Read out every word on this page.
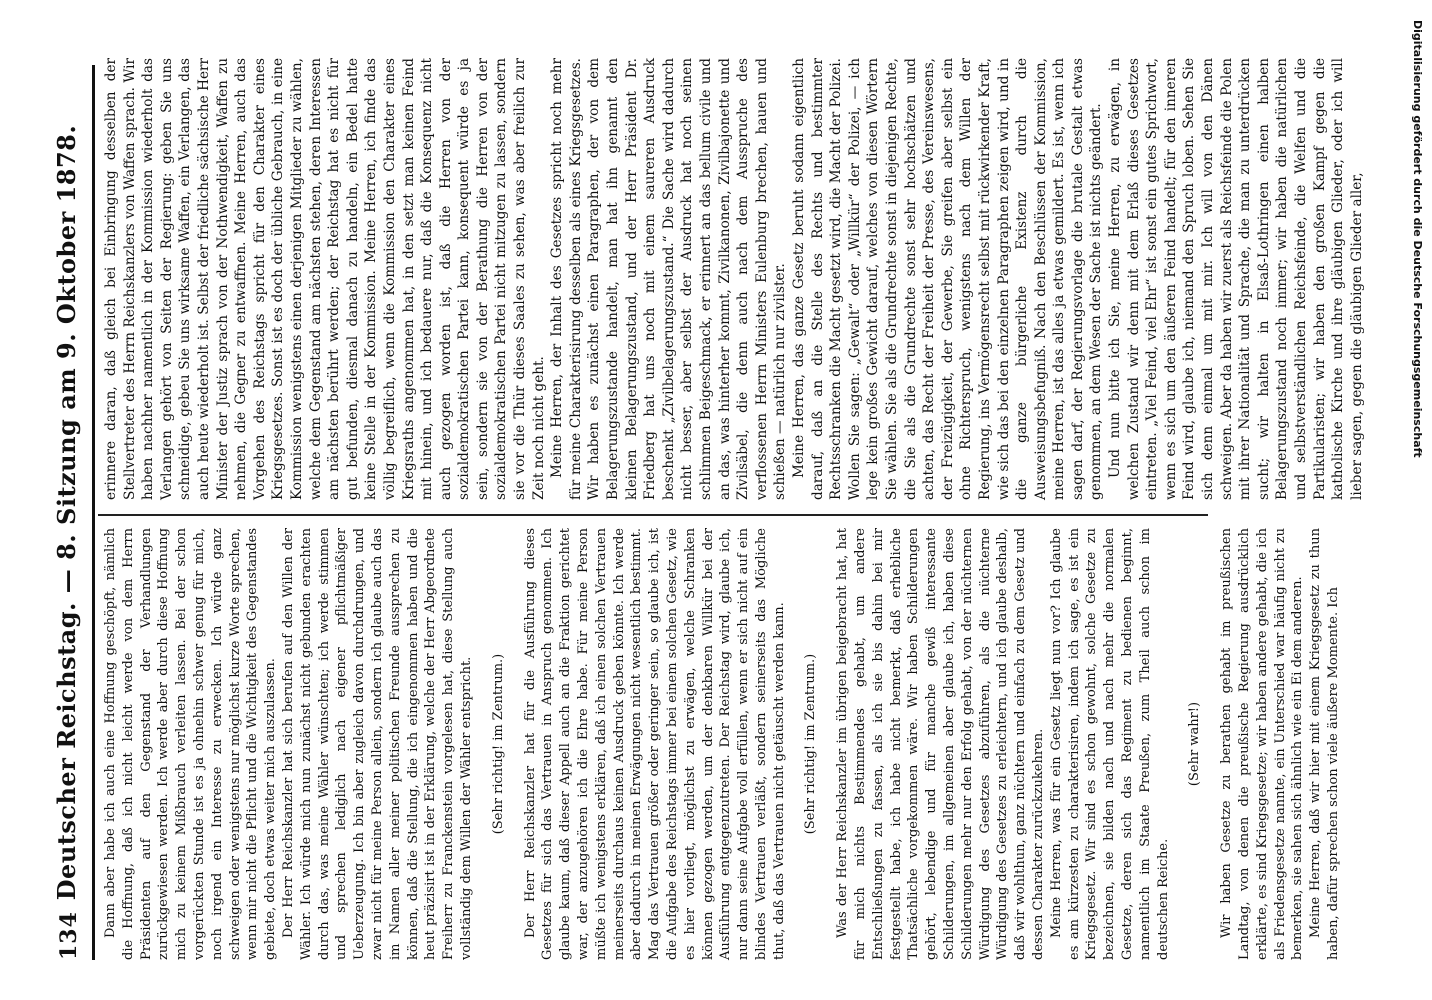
134
Deutscher Reichstag. — 8. Sitzung am 9. Oktober 1878. Dann aber habe ich auch eine Hoffnung geschöpft, nämlich die Hoffnung, daß ich nicht leicht werde von dem Herrn Präsidenten auf den Gegenstand der Verhandlungen zurückgewiesen werden. Ich werde aber durch diese Hoffnung mich zu keinem Mißbrauch verleiten lassen. Bei der schon vorgerückten Stunde ist es ja ohnehin schwer genug für mich, noch irgend ein Interesse zu erwecken. Ich würde ganz schweigen oder wenigstens nur möglichst kurze Worte sprechen, wenn mir nicht die Pflicht und die Wichtigkeit des Gegenstandes gebiete, doch etwas weiter mich auszulassen. Der Herr Reichskanzler hat sich berufen auf den Willen der Wähler. Ich würde mich nun zunächst nicht gebunden erachten durch das, was meine Wähler wünschten; ich werde stimmen und sprechen lediglich nach eigener pflichtmäßiger Ueberzeugung. Ich bin aber zugleich davon durchdrungen, und zwar nicht für meine Person allein, sondern ich glaube auch das im Namen aller meiner politischen Freunde aussprechen zu können, daß die Stellung, die ich eingenommen haben und die heut präzisirt ist in der Erklärung, welche der Herr Abgeordnete Freiherr zu Franckenstein vorgelesen hat, diese Stellung auch vollständig dem Willen der Wähler entspricht. (Sehr richtig! im Zentrum.) Der Herr Reichskanzler hat für die Ausführung dieses Gesetzes für sich das Vertrauen in Anspruch genommen. Ich glaube kaum, daß dieser Appell auch an die Fraktion gerichtet war, der anzugehören ich die Ehre habe. Für meine Person müßte ich wenigstens erklären, daß ich einen solchen Vertrauen meinerseits durchaus keinen Ausdruck geben könnte. Ich werde aber dadurch in meinen Erwägungen nicht wesentlich bestimmt. Mag das Vertrauen größer oder geringer sein, so glaube ich, ist die Aufgabe des Reichstags immer bei einem solchen Gesetz, wie es hier vorliegt, möglichst zu erwägen, welche Schranken können gezogen werden, um der denkbaren Willkür bei der Ausführung entgegenzutreten. Der Reichstag wird, glaube ich, nur dann seine Aufgabe voll erfüllen, wenn er sich nicht auf ein blindes Vertrauen verläßt, sondern seinerseits das Mögliche thut, daß das Vertrauen nicht getäuscht werden kann. (Sehr richtig! im Zentrum.) Was der Herr Reichskanzler im übrigen beigebracht hat, hat für mich nichts Bestimmendes gehabt, um andere Entschließungen zu fassen, als ich sie bis dahin bei mir festgestellt habe, ich habe nicht bemerkt, daß erhebliche Thatsächliche vorgekommen wäre. Wir haben Schilderungen gehört, lebendige und für manche gewiß interessante Schilderungen, im allgemeinen aber glaube ich, haben diese Schilderungen mehr nur den Erfolg gehabt, von der nüchternen Würdigung des Gesetzes abzuführen, als die nüchterne Würdigung des Gesetzes zu erleichtern, und ich glaube deshalb, daß wir wohlthun, ganz nüchtern und einfach zu dem Gesetz und dessen Charakter zurückzukehren. Meine Herren, was für ein Gesetz liegt nun vor? Ich glaube es am kürzesten zu charakterisiren, indem ich sage, es ist ein Kriegsgesetz. Wir sind es schon gewohnt, solche Gesetze zu bezeichnen, sie bilden nach und nach mehr die normalen Gesetze, deren sich das Regiment zu bedienen beginnt, namentlich im Staate Preußen, zum Theil auch schon im deutschen Reiche.

(Sehr wahr!) Wir haben Gesetze zu berathen gehabt im preußischen Landtag, von denen die preußische Regierung ausdrücklich erklärte, es sind Kriegsgesetze; wir haben andere gehabt, die ich als Friedensgesetze nannte, ein Unterschied war häufig nicht zu bemerken, sie sahen sich ähnlich wie ein Ei dem anderen. Meine Herren, daß wir hier mit einem Kriegsgesetz zu thun haben, dafür sprechen schon viele äußere Momente. Ich

erinnere daran, daß gleich bei Einbringung desselben der Stellvertreter des Herrn Reichskanzlers von Waffen sprach. Wir haben nachher namentlich in der Kommission wiederholt das Verlangen gehört von Seiten der Regierung: geben Sie uns schneidige, gebeu Sie uns wirksame Waffen, ein Verlangen, das auch heute wiederholt ist. Selbst der friedliche sächsische Herr Minister der Justiz sprach von der Nothwendigkeit, Waffen zu nehmen, die Gegner zu entwaffnen. Meine Herren, auch das Vorgehen des Reichstags spricht für den Charakter eines Kriegsgesetzes. Sonst ist es doch der übliche Gebrauch, in eine Kommission wenigstens einen derjenigen Mitglieder zu wählen, welche dem Gegenstand am nächsten stehen, deren Interessen am nächsten berührt werden; der Reichstag hat es nicht für gut befunden, diesmal danach zu handeln, ein Bedel hatte keine Stelle in der Kommission. Meine Herren, ich finde das völlig begreiflich, wenn die Kommission den Charakter eines Kriegsraths angenommen hat, in den setzt man keinen Feind mit hinein, und ich bedauere nur, daß die Konsequenz nicht auch gezogen worden ist, daß die Herren von der sozialdemokratischen Partei kann, konsequent würde es ja sein, sondern sie von der Berathung die Herren von der sozialdemokratischen Partei nicht mitzugen zu lassen, sondern sie vor die Thür dieses Saales zu sehen, was aber freilich zur Zeit noch nicht geht. Meine Herren, der Inhalt des Gesetzes spricht noch mehr für meine Charakterisirung desselben als eines Kriegsgesetzes. Wir haben es zunächst einen Paragraphen, der von dem Belagerungszustande handelt, man hat ihn genannt den kleinen Belagerungszustand, und der Herr Präsident Dr. Friedberg hat uns noch mit einem saureren Ausdruck beschenkt „Zivilbelagerungszustand.“ Die Sache wird dadurch nicht besser, aber selbst der Ausdruck hat noch seinen schlimmen Beigeschmack, er erinnert an das bellum civile und an das, was hinterher kommt, Zivilkanonen, Zivilbajonette und Zivilsäbel, die denn auch nach dem Ausspruche des verflossenen Herrn Ministers Eulenburg brechen, hauen und schießen — natürlich nur zivilster. Meine Herren, das ganze Gesetz beruht sodann eigentlich darauf, daß an die Stelle des Rechts und bestimmter Rechtsschranken die Macht gesetzt wird, die Macht der Polizei. Wollen Sie sagen: „Gewalt“ oder „Willkür“ der Polizei, — ich lege kein großes Gewicht darauf, welches von diesen Wörtern Sie wählen. Sie als die Grundrechte sonst in diejenigen Rechte, die Sie als die Grundrechte sonst sehr hochschätzen und achten, das Recht der Freiheit der Presse, des Vereinswesens, der Freizügigkeit, der Gewerbe, Sie greifen aber selbst ein ohne Richterspruch, wenigstens nach dem Willen der Regierung, ins Vermögensrecht selbst mit rückwirkender Kraft, wie sich das bei den einzelnen Paragraphen zeigen wird, und in die ganze bürgerliche Existenz durch die Ausweisungsbefugniß. Nach den Beschlüssen der Kommission, meine Herren, ist das alles ja etwas gemildert. Es ist, wenn ich sagen darf, der Regierungsvorlage die brutale Gestalt etwas genommen, an dem Wesen der Sache ist nichts geändert. Und nun bitte ich Sie, meine Herren, zu erwägen, in welchen Zustand wir denn mit dem Erlaß dieses Gesetzes eintreten. „Viel Feind, viel Ehr“ ist sonst ein gutes Sprichwort, wenn es sich um den äußeren Feind handelt; für den inneren Feind wird, glaube ich, niemand den Spruch loben. Sehen Sie sich denn einmal um mit mir. Ich will von den Dänen schweigen. Aber da haben wir zuerst als Reichsfeinde die Polen mit ihrer Nationalität und Sprache, die man zu unterdrücken sucht; wir halten in Elsaß-Lothringen einen halben Belagerungszustand noch immer; wir haben die natürlichen und selbstverständlichen Reichsfeinde, die Welfen und die Partikularisten; wir haben den großen Kampf gegen die katholische Kirche und ihre gläubigen Glieder, oder ich will lieber sagen, gegen die gläubigen Glieder aller,	Digitalisierung gefördert durch die Deutsche Forschungsgemeinschaft
